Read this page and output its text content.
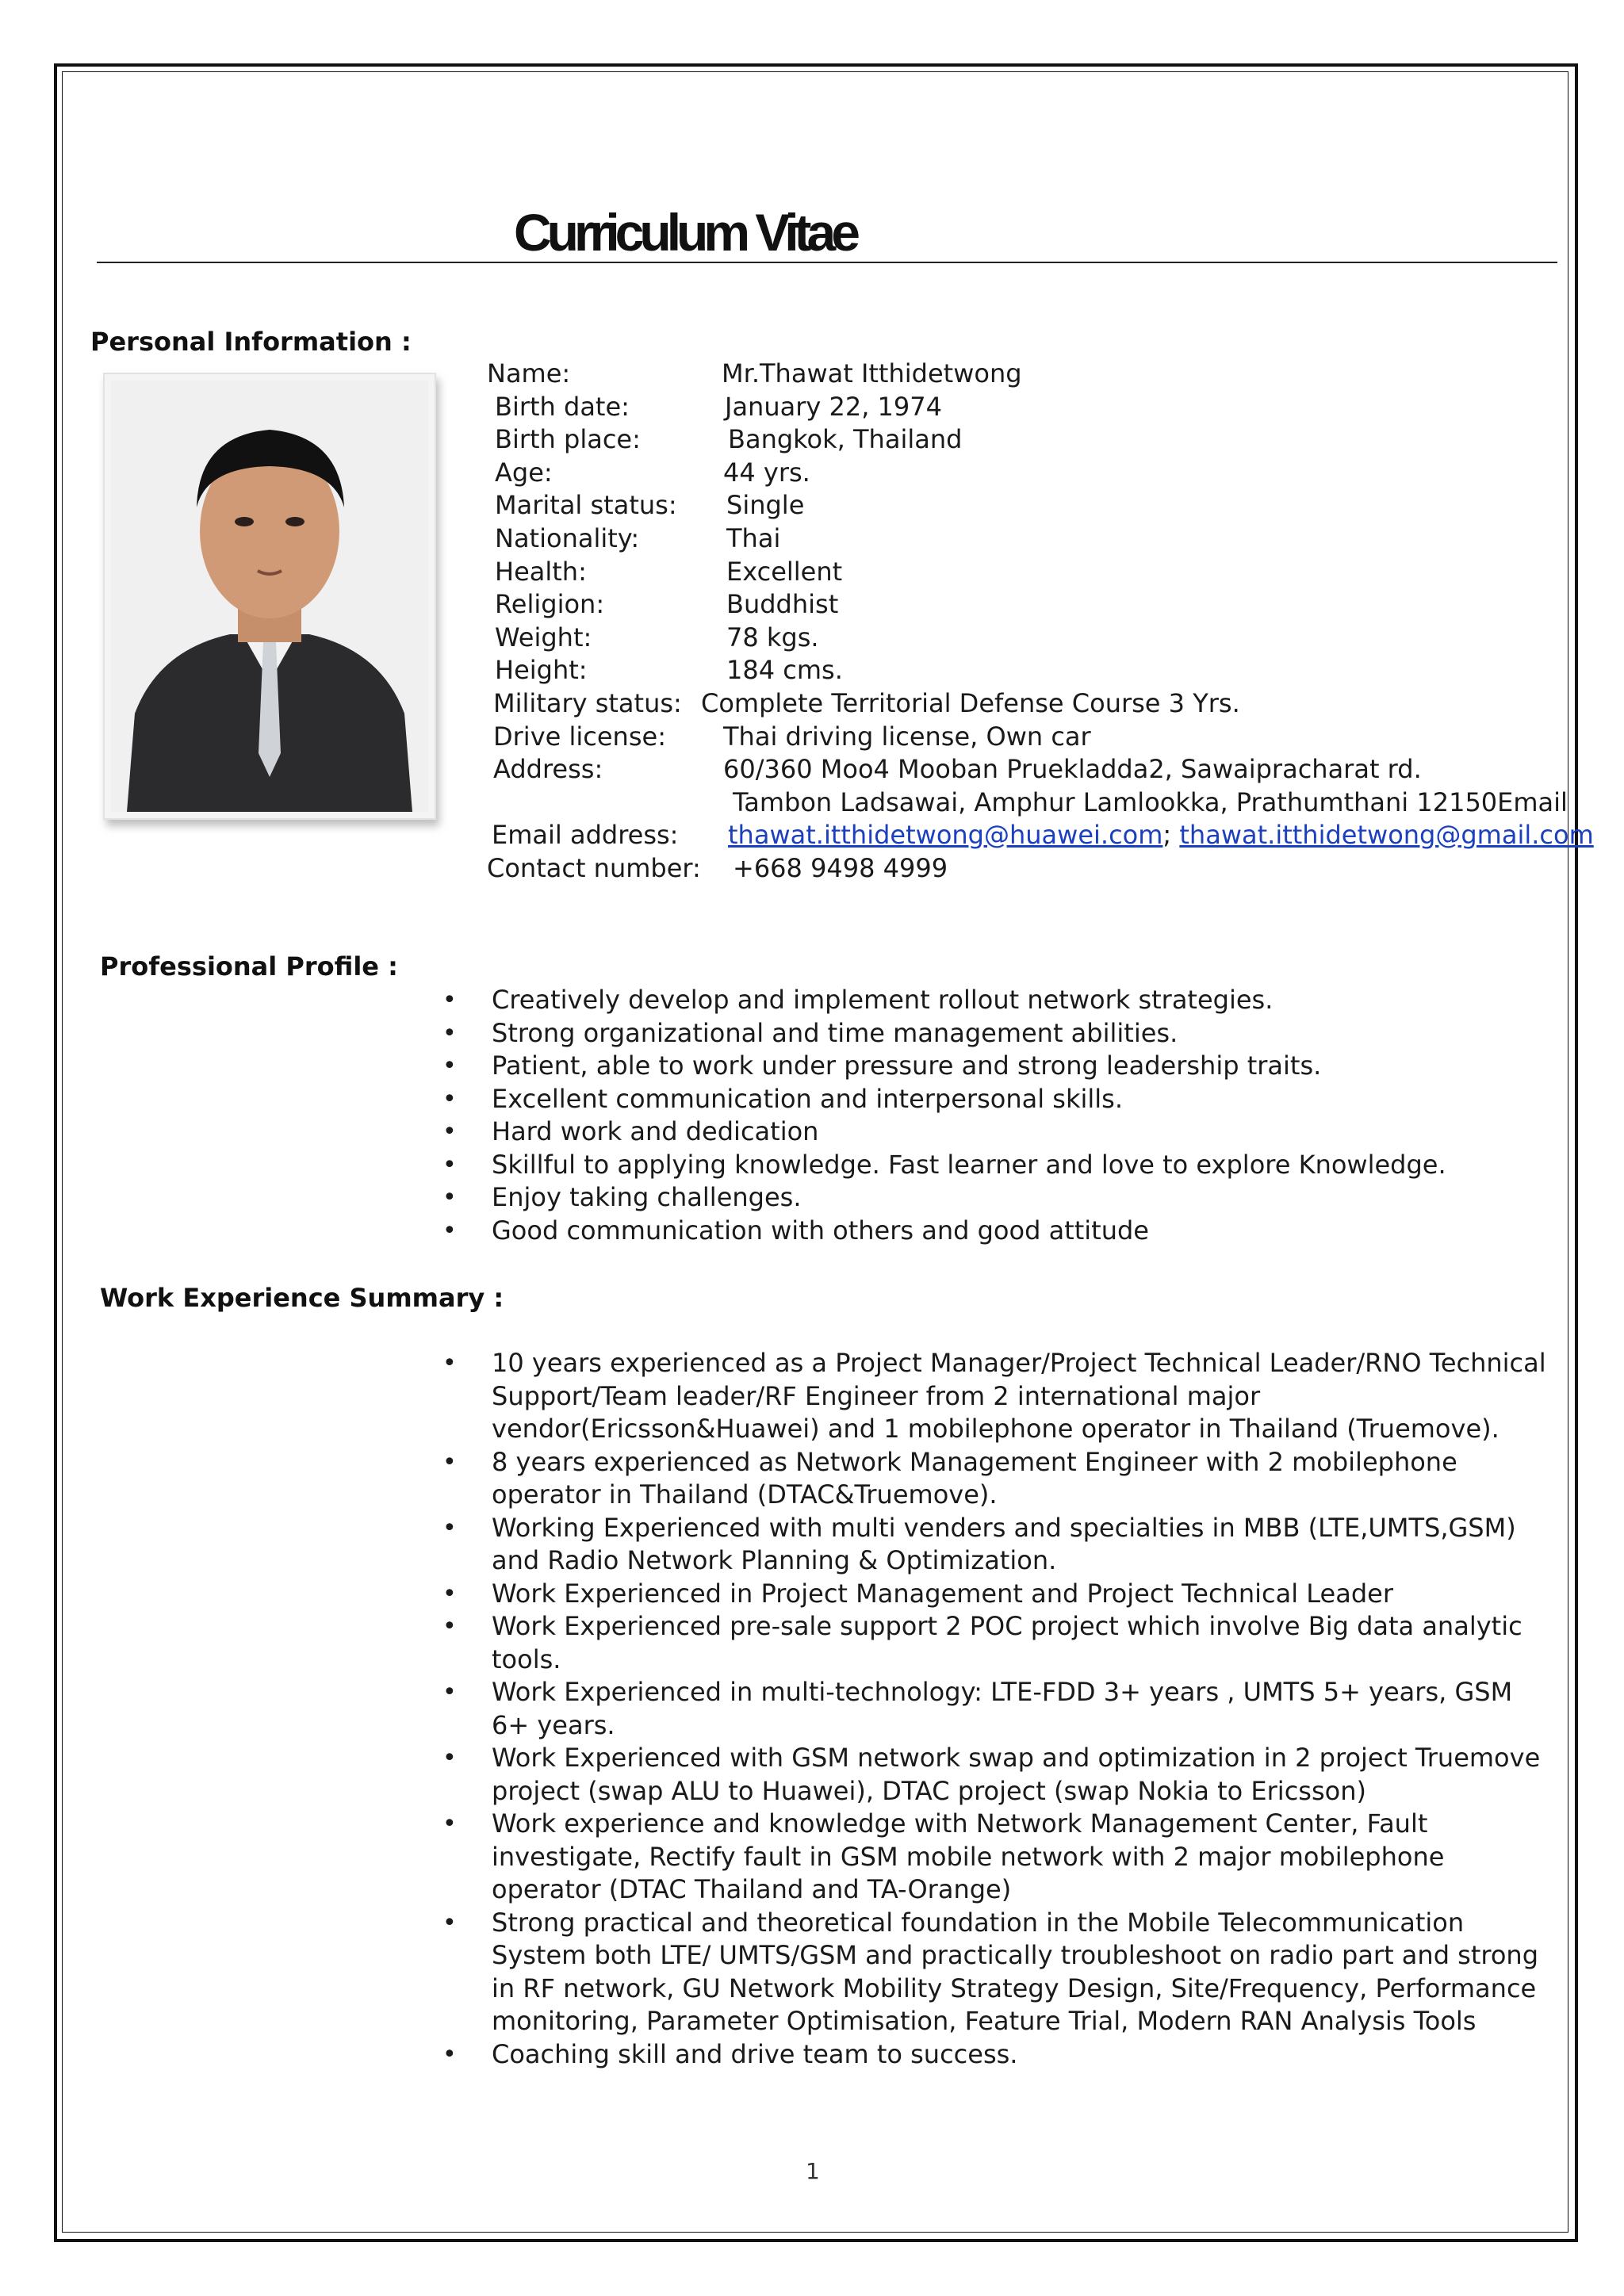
Curriculum Vitae
Personal Information :
Name:	Mr.Thawat Itthidetwong
Birth date:	January 22, 1974
Birth place:	Bangkok, Thailand
Age:	44 yrs.
Marital status: Single
Nationality:	Thai
Health:	Excellent
Religion:	Buddhist
Weight:	78 kgs.
Height:	184 cms.
Military status: Complete Territorial Defense Course 3 Yrs.
Drive license: Thai driving license, Own car
Address:	60/360 Moo4 Mooban Pruekladda2, Sawaipracharat rd.
Tambon Ladsawai, Amphur Lamlookka, Prathumthani 12150Email
Email address: thawat.itthidetwong@huawei.com; thawat.itthidetwong@gmail.com
Contact number: +668 9498 4999
Professional Profile :
• Creatively develop and implement rollout network strategies.
• Strong organizational and time management abilities.
• Patient, able to work under pressure and strong leadership traits.
• Excellent communication and interpersonal skills.
• Hard work and dedication
• Skillful to applying knowledge. Fast learner and love to explore Knowledge.
• Enjoy taking challenges.
• Good communication with others and good attitude
Work Experience Summary :
• 10 years experienced as a Project Manager/Project Technical Leader/RNO Technical Support/Team leader/RF Engineer from 2 international major vendor(Ericsson&Huawei) and 1 mobilephone operator in Thailand (Truemove).
• 8 years experienced as Network Management Engineer with 2 mobilephone operator in Thailand (DTAC&Truemove).
• Working Experienced with multi venders and specialties in MBB (LTE,UMTS,GSM) and Radio Network Planning & Optimization.
• Work Experienced in Project Management and Project Technical Leader
• Work Experienced pre-sale support 2 POC project which involve Big data analytic tools.
• Work Experienced in multi-technology: LTE-FDD 3+ years , UMTS 5+ years, GSM 6+ years.
• Work Experienced with GSM network swap and optimization in 2 project Truemove project (swap ALU to Huawei), DTAC project (swap Nokia to Ericsson)
• Work experience and knowledge with Network Management Center, Fault investigate, Rectify fault in GSM mobile network with 2 major mobilephone operator (DTAC Thailand and TA-Orange)
• Strong practical and theoretical foundation in the Mobile Telecommunication System both LTE/ UMTS/GSM and practically troubleshoot on radio part and strong in RF network, GU Network Mobility Strategy Design, Site/Frequency, Performance monitoring, Parameter Optimisation, Feature Trial, Modern RAN Analysis Tools
• Coaching skill and drive team to success.
1
